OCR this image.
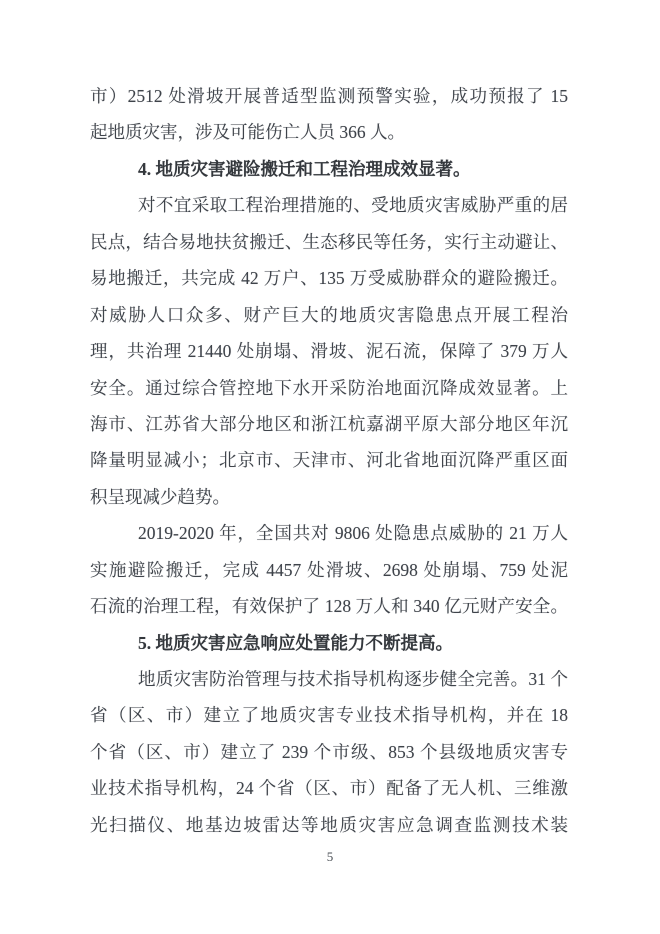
市）2512 处滑坡开展普适型监测预警实验，成功预报了 15
起地质灾害，涉及可能伤亡人员 366 人。
4. 地质灾害避险搬迁和工程治理成效显著。
对不宜采取工程治理措施的、受地质灾害威胁严重的居
民点，结合易地扶贫搬迁、生态移民等任务，实行主动避让、
易地搬迁，共完成 42 万户、135 万受威胁群众的避险搬迁。
对威胁人口众多、财产巨大的地质灾害隐患点开展工程治
理，共治理 21440 处崩塌、滑坡、泥石流，保障了 379 万人
安全。通过综合管控地下水开采防治地面沉降成效显著。上
海市、江苏省大部分地区和浙江杭嘉湖平原大部分地区年沉
降量明显减小；北京市、天津市、河北省地面沉降严重区面
积呈现减少趋势。
2019-2020 年，全国共对 9806 处隐患点威胁的 21 万人
实施避险搬迁，完成 4457 处滑坡、2698 处崩塌、759 处泥
石流的治理工程，有效保护了 128 万人和 340 亿元财产安全。
5. 地质灾害应急响应处置能力不断提高。
地质灾害防治管理与技术指导机构逐步健全完善。31 个
省（区、市）建立了地质灾害专业技术指导机构，并在 18
个省（区、市）建立了 239 个市级、853 个县级地质灾害专
业技术指导机构，24 个省（区、市）配备了无人机、三维激
光扫描仪、地基边坡雷达等地质灾害应急调查监测技术装
5
